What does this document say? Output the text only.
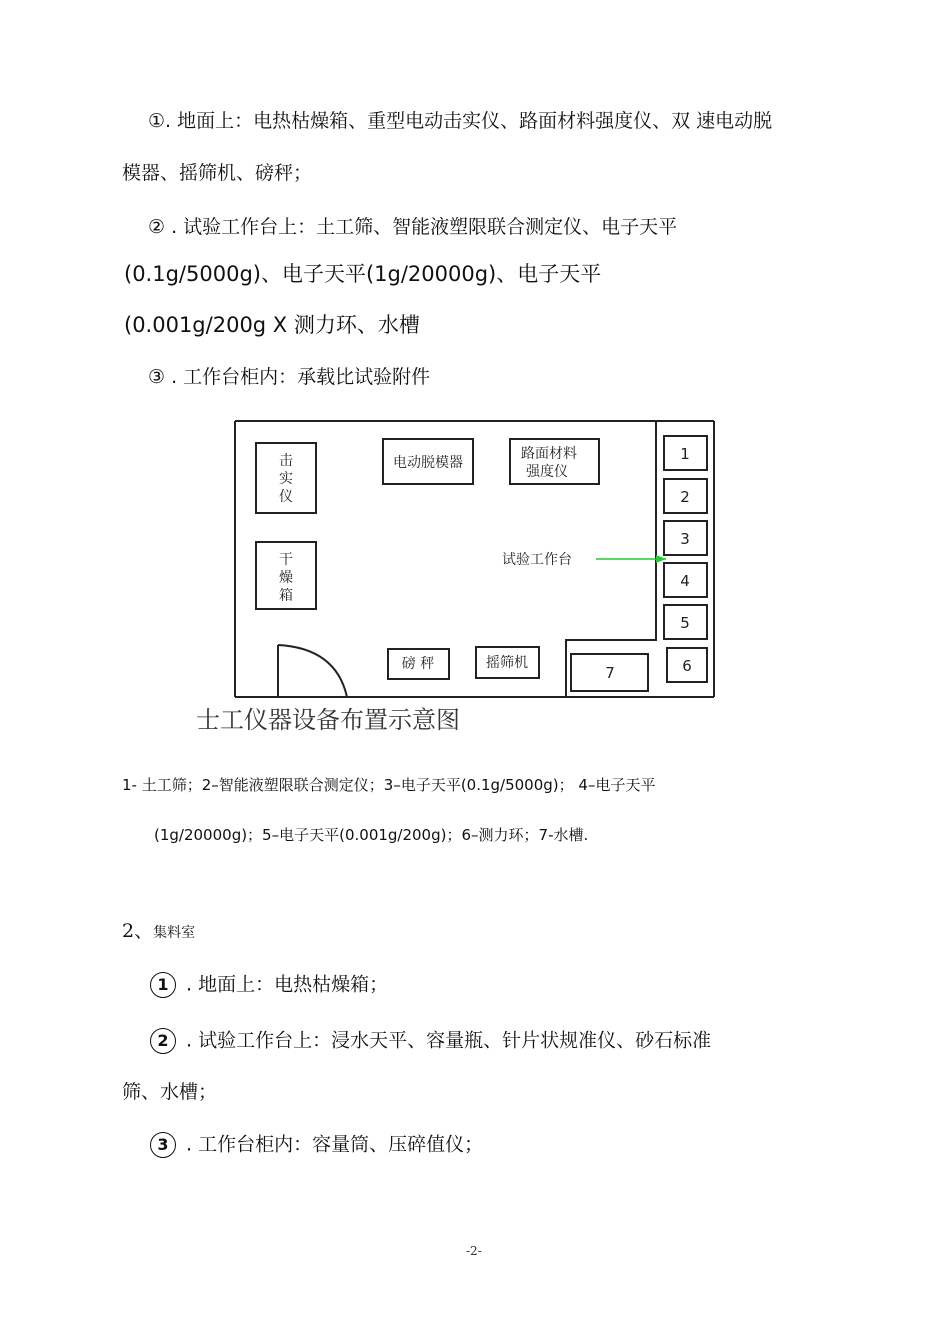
①. 地面上：电热枯燥箱、重型电动击实仪、路面材料强度仪、双 速电动脱
模器、摇筛机、磅秤；
② . 试验工作台上：土工筛、智能液塑限联合测定仪、电子天平
(0.1g/5000g)、电子天平(1g/20000g)、电子天平
(0.001g/200g X 测力环、水槽
③ . 工作台柜内：承载比试验附件
击
实
仪
电动脱模器
路面材料
强度仪
干
燥
箱
试验工作台
磅 秤	摇筛机
1
2
3
4
5
6
7
士工仪器设备布置示意图
1- 土工筛；2–智能液塑限联合测定仪；3–电子天平(0.1g/5000g)； 4–电子天平
(1g/20000g)；5–电子天平(0.001g/200g)；6–测力环；7-水槽.
2、集料室
1 . 地面上：电热枯燥箱；
2 . 试验工作台上：浸水天平、容量瓶、针片状规准仪、砂石标准
筛、水槽；
3 . 工作台柜内：容量筒、压碎值仪；
-2-
